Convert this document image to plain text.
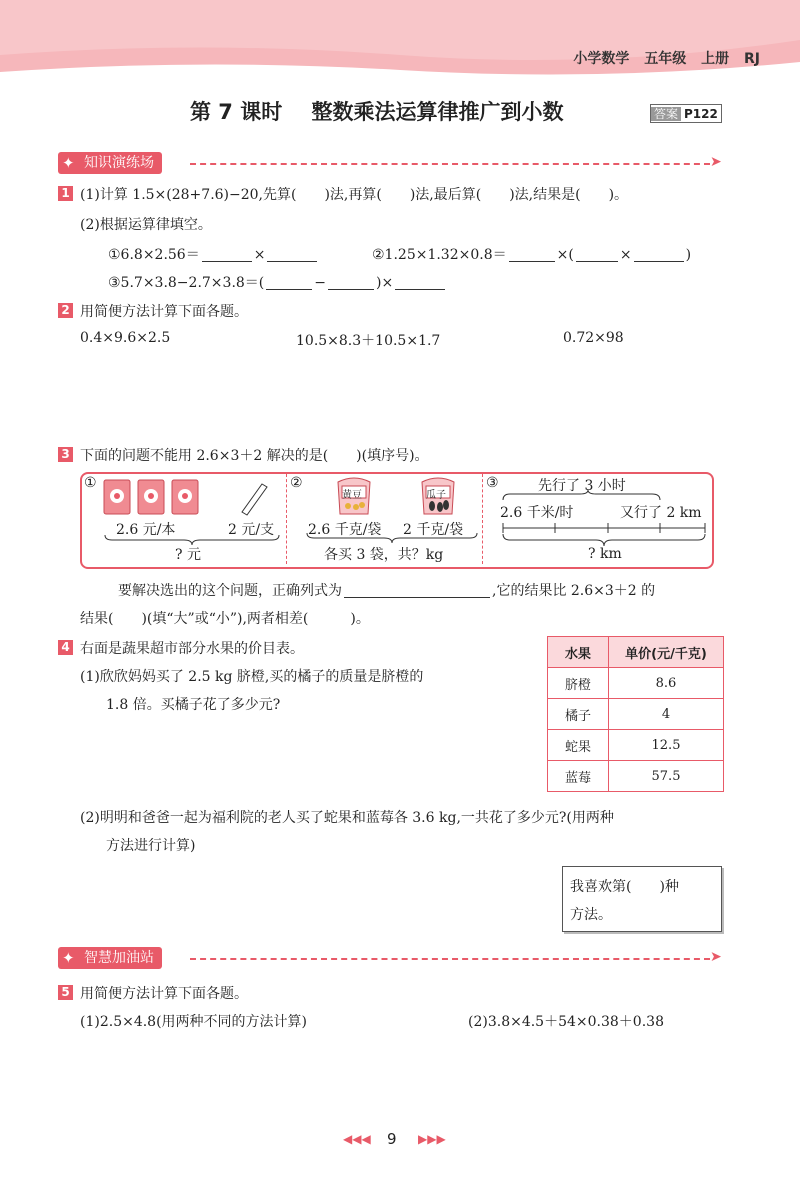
小学数学 五年级 上册 RJ
第 7 课时 整数乘法运算律推广到小数	答案 P122
✦ 知识演练场	➤
1 (1)计算 1.5×(28+7.6)−20,先算(　　)法,再算(　　)法,最后算(　　)法,结果是(　　)。
(2)根据运算律填空。
①6.8×2.56＝	×	②1.25×1.32×0.8＝	×(	×	)
③5.7×3.8−2.7×3.8＝(	−	)×
2 用简便方法计算下面各题。
0.4×9.6×2.5	10.5×8.3＋10.5×1.7	0.72×98
3 下面的问题不能用 2.6×3＋2 解决的是(　　)(填序号)。
①
2.6 元/本	2 元/支
? 元
②
黄豆	瓜子
2.6 千克/袋 2 千克/袋
各买 3 袋，共？kg
③	先行了 3 小时
2.6 千米/时	又行了 2 km
? km
要解决选出的这个问题，正确列式为	,它的结果比 2.6×3＋2 的
结果(　　)(填“大”或“小”),两者相差(　　　)。
4 右面是蔬果超市部分水果的价目表。
(1)欣欣妈妈买了 2.5 kg 脐橙,买的橘子的质量是脐橙的
1.8 倍。买橘子花了多少元?
水果	单价(元/千克)
脐橙	8.6
橘子	4
蛇果	12.5
蓝莓	57.5
(2)明明和爸爸一起为福利院的老人买了蛇果和蓝莓各 3.6 kg,一共花了多少元?(用两种
方法进行计算)
我喜欢第(　　)种
方法。
✦ 智慧加油站	➤
5 用简便方法计算下面各题。
(1)2.5×4.8(用两种不同的方法计算)	(2)3.8×4.5＋54×0.38＋0.38
◀◀◀ 9 ▶▶▶
